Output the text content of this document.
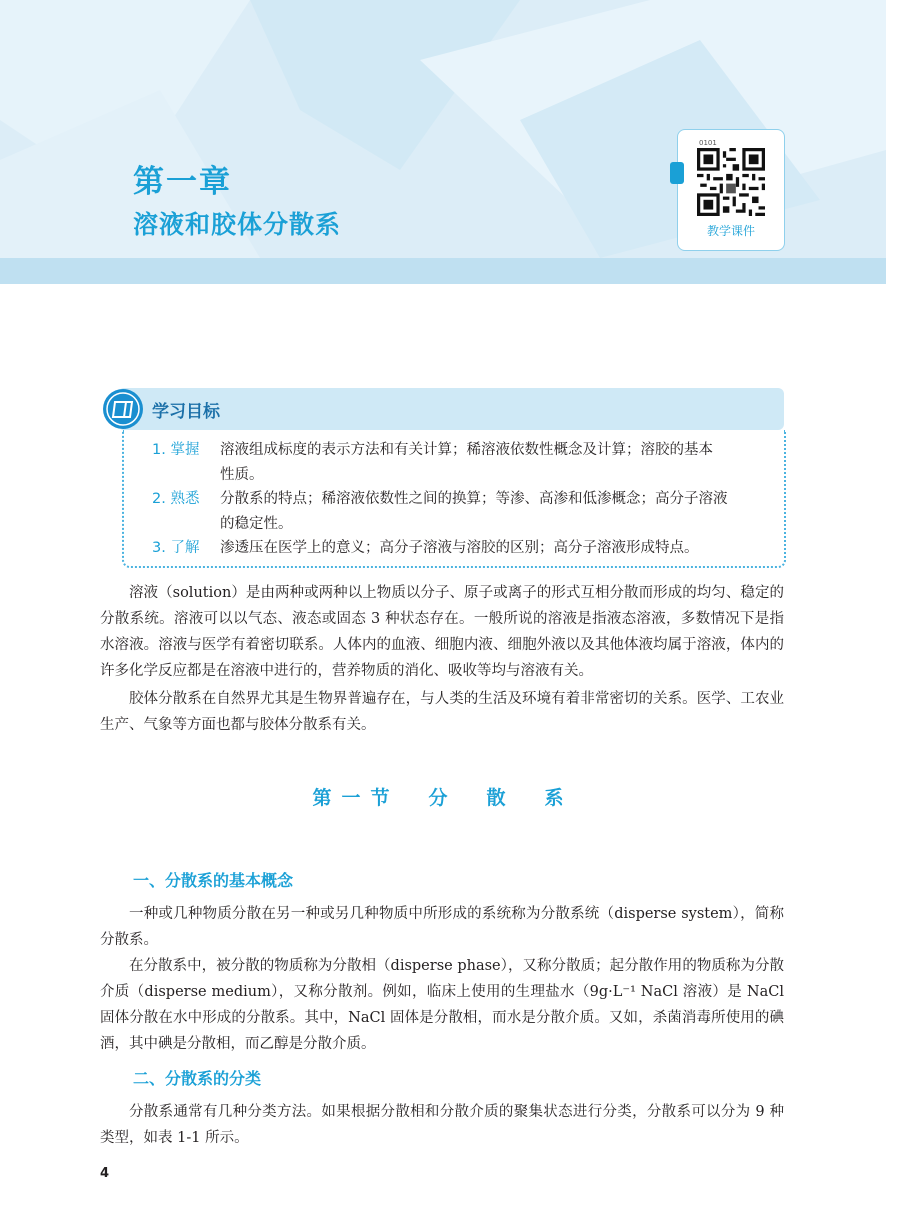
第一章
溶液和胶体分散系
0101
教学课件
学习目标
1. 掌握	溶液组成标度的表示方法和有关计算；稀溶液依数性概念及计算；溶胶的基本
性质。
2. 熟悉	分散系的特点；稀溶液依数性之间的换算；等渗、高渗和低渗概念；高分子溶液
的稳定性。
3. 了解	渗透压在医学上的意义；高分子溶液与溶胶的区别；高分子溶液形成特点。
溶液（solution）是由两种或两种以上物质以分子、原子或离子的形式互相分散而形成的均匀、稳定的分散系统。溶液可以以气态、液态或固态 3 种状态存在。一般所说的溶液是指液态溶液，多数情况下是指水溶液。溶液与医学有着密切联系。人体内的血液、细胞内液、细胞外液以及其他体液均属于溶液，体内的许多化学反应都是在溶液中进行的，营养物质的消化、吸收等均与溶液有关。
胶体分散系在自然界尤其是生物界普遍存在，与人类的生活及环境有着非常密切的关系。医学、工农业生产、气象等方面也都与胶体分散系有关。
第一节　分　散　系
一、分散系的基本概念
一种或几种物质分散在另一种或另几种物质中所形成的系统称为分散系统（disperse system），简称分散系。
在分散系中，被分散的物质称为分散相（disperse phase），又称分散质；起分散作用的物质称为分散介质（disperse medium），又称分散剂。例如，临床上使用的生理盐水（9g·L⁻¹ NaCl 溶液）是 NaCl 固体分散在水中形成的分散系。其中，NaCl 固体是分散相，而水是分散介质。又如，杀菌消毒所使用的碘酒，其中碘是分散相，而乙醇是分散介质。
二、分散系的分类
分散系通常有几种分类方法。如果根据分散相和分散介质的聚集状态进行分类，分散系可以分为 9 种类型，如表 1-1 所示。
4
